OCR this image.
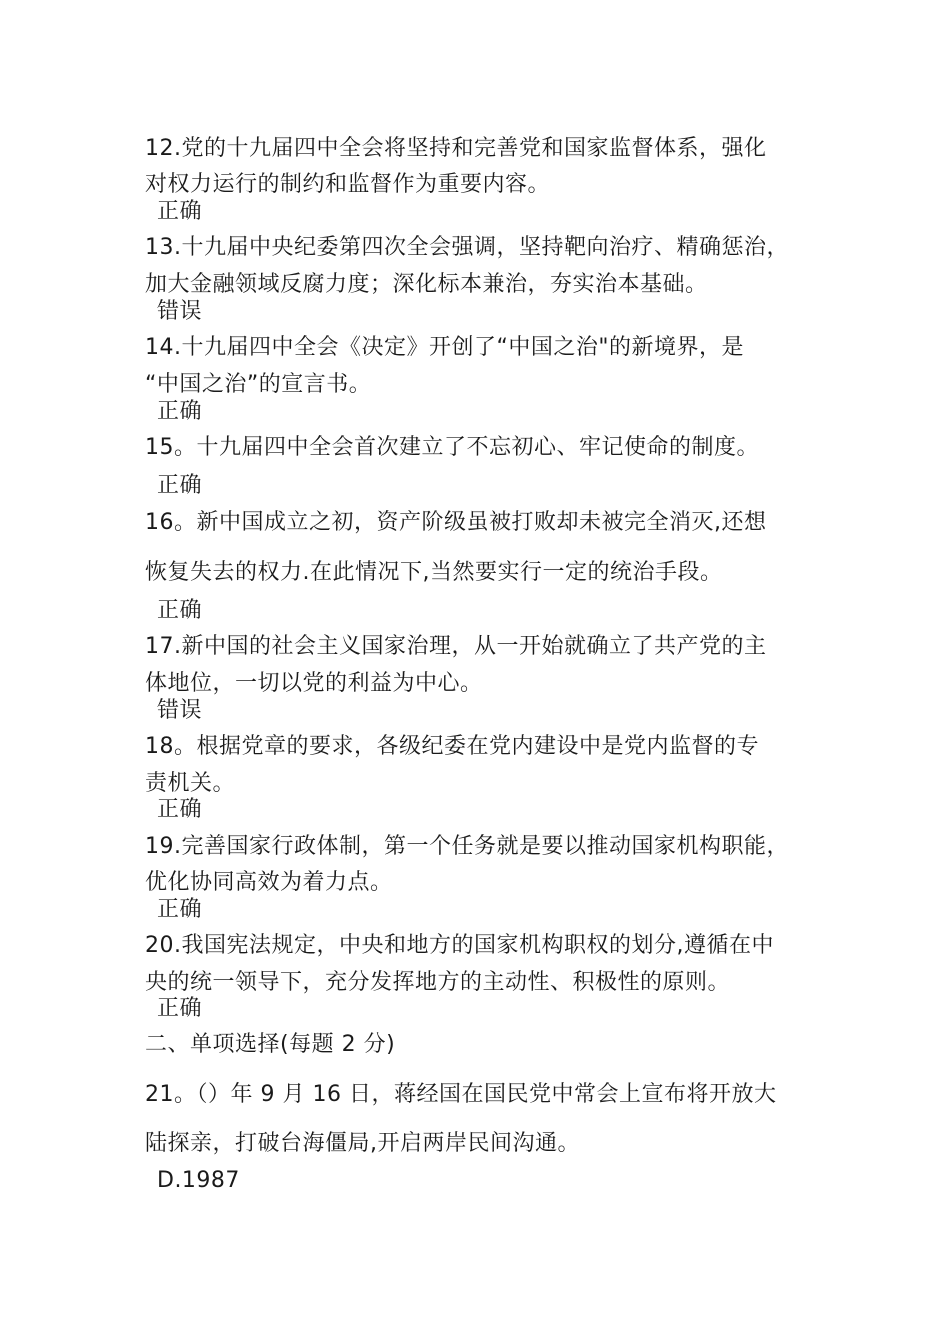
12.党的十九届四中全会将坚持和完善党和国家监督体系，强化
对权力运行的制约和监督作为重要内容。
正确
13.十九届中央纪委第四次全会强调，坚持靶向治疗、精确惩治，
加大金融领域反腐力度；深化标本兼治，夯实治本基础。
错误
14.十九届四中全会《决定》开创了“中国之治"的新境界，是
“中国之治”的宣言书。
正确
15。十九届四中全会首次建立了不忘初心、牢记使命的制度。
正确
16。新中国成立之初，资产阶级虽被打败却未被完全消灭,还想
恢复失去的权力.在此情况下,当然要实行一定的统治手段。
正确
17.新中国的社会主义国家治理，从一开始就确立了共产党的主
体地位，一切以党的利益为中心。
错误
18。根据党章的要求，各级纪委在党内建设中是党内监督的专
责机关。
正确
19.完善国家行政体制，第一个任务就是要以推动国家机构职能，
优化协同高效为着力点。
正确
20.我国宪法规定，中央和地方的国家机构职权的划分,遵循在中
央的统一领导下，充分发挥地方的主动性、积极性的原则。
正确
二、单项选择(每题 2 分)
21。（）年 9 月 16 日，蒋经国在国民党中常会上宣布将开放大
陆探亲，打破台海僵局,开启两岸民间沟通。
D.1987
